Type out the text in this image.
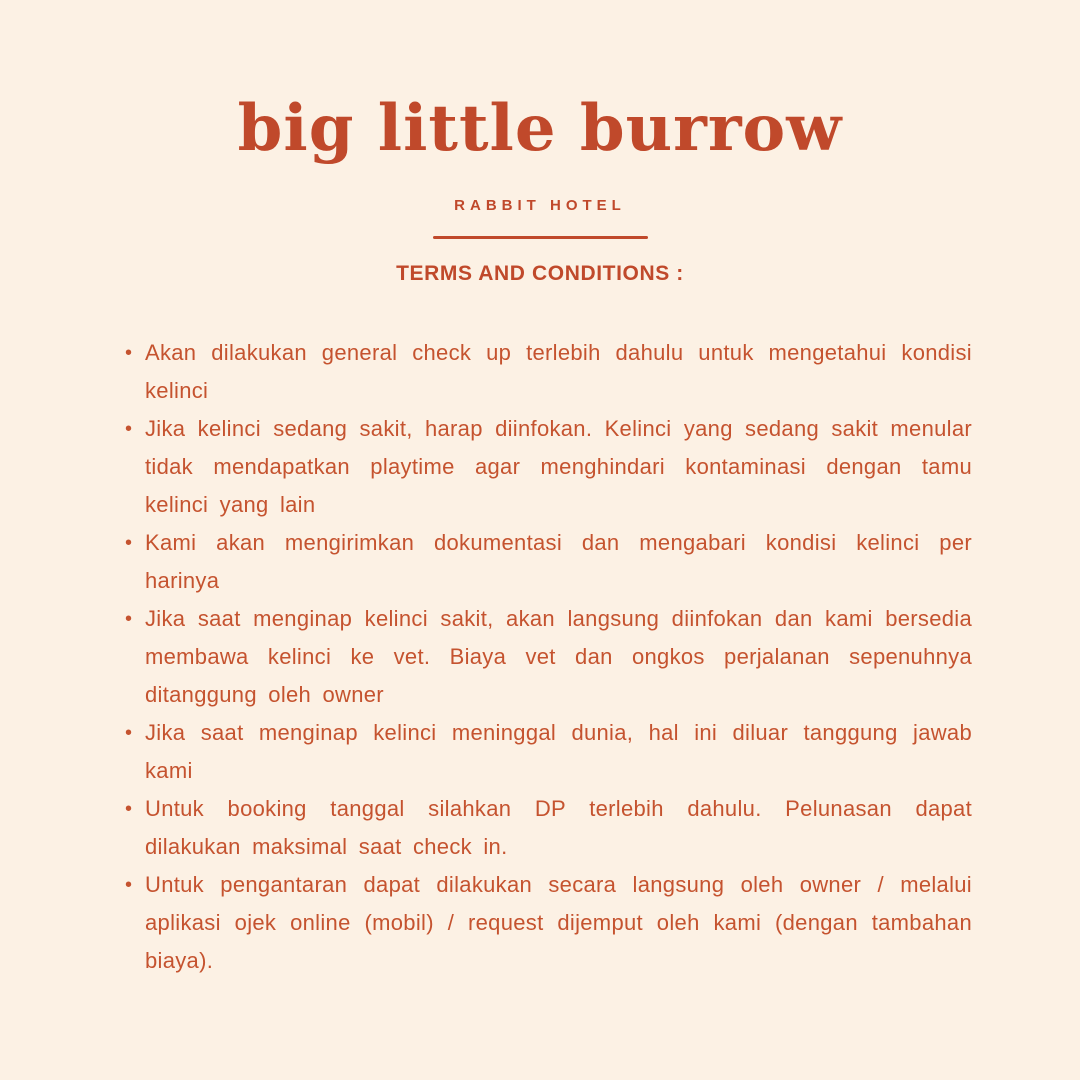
big little burrow
RABBIT HOTEL
TERMS AND CONDITIONS :
• Akan dilakukan general check up terlebih dahulu untuk mengetahui kondisi kelinci
• Jika kelinci sedang sakit, harap diinfokan. Kelinci yang sedang sakit menular tidak mendapatkan playtime agar menghindari kontaminasi dengan tamu kelinci yang lain
• Kami akan mengirimkan dokumentasi dan mengabari kondisi kelinci per harinya
• Jika saat menginap kelinci sakit, akan langsung diinfokan dan kami bersedia membawa kelinci ke vet. Biaya vet dan ongkos perjalanan sepenuhnya ditanggung oleh owner
• Jika saat menginap kelinci meninggal dunia, hal ini diluar tanggung jawab kami
• Untuk booking tanggal silahkan DP terlebih dahulu. Pelunasan dapat dilakukan maksimal saat check in.
• Untuk pengantaran dapat dilakukan secara langsung oleh owner / melalui aplikasi ojek online (mobil) / request dijemput oleh kami (dengan tambahan biaya).
